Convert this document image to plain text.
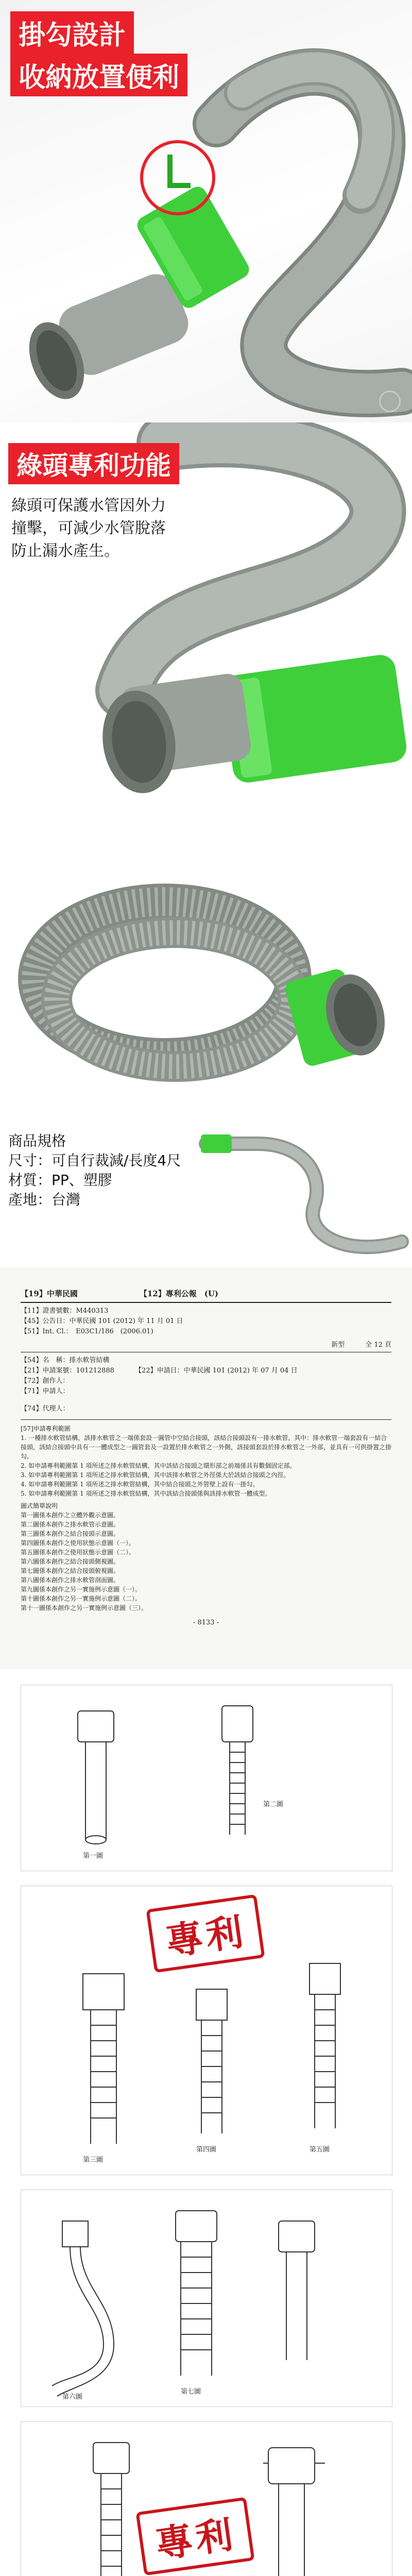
掛勾設計
收納放置便利
綠頭專利功能
綠頭可保護水管因外力
撞擊，可減少水管脫落
防止漏水產生。
商品規格
尺寸：可自行裁減/長度4尺
材質：PP、塑膠
產地：台灣
【19】中華民國	【12】專利公報　(U)
【11】證書號數：M440313
【45】公告日：中華民國 101 (2012) 年 11 月 01 日
【51】Int. Cl.：　 E03C1/186　(2006.01)
新型	全 12 頁
【54】名　稱：排水軟管結構
【21】申請案號：101212888	【22】申請日：中華民國 101 (2012) 年 07 月 04 日
【72】創作人：
【71】申請人：
【74】代理人：
[57]申請專利範圍
1. 一種排水軟管結構，該排水軟管之一端係套設一圓管中空結合接頭，該結合接頭設有一排水軟管，其中：排水軟管一端套設有一結合接頭，該結合接頭中具有一一體成型之一圓管套及一設置於排水軟管之一外側，該接頭套設於排水軟管之一外部，並具有一可供掛置之掛勾。
2. 如申請專利範圍第 1 項所述之排水軟管結構，其中該結合接頭之環形部之前端係具有數個固定部。
3. 如申請專利範圍第 1 項所述之排水軟管結構，其中該排水軟管之外徑係大於該結合接頭之內徑。
4. 如申請專利範圍第 1 項所述之排水軟管結構，其中結合接頭之外管壁上設有一掛勾。
5. 如申請專利範圍第 1 項所述之排水軟管結構，其中該結合接頭係與該排水軟管一體成型。
圖式簡單說明
第一圖係本創作之立體外觀示意圖。
第二圖係本創作之排水軟管示意圖。
第三圖係本創作之結合接頭示意圖。
第四圖係本創作之使用狀態示意圖（一）。
第五圖係本創作之使用狀態示意圖（二）。
第六圖係本創作之結合接頭側視圖。
第七圖係本創作之結合接頭俯視圖。
第八圖係本創作之排水軟管剖面圖。
第九圖係本創作之另一實施例示意圖（一）。
第十圖係本創作之另一實施例示意圖（二）。
第十一圖係本創作之另一實施例示意圖（三）。
- 8133 -
第一圖
第二圖
專利
第三圖
第四圖	第五圖
第六圖
第七圖
專利
